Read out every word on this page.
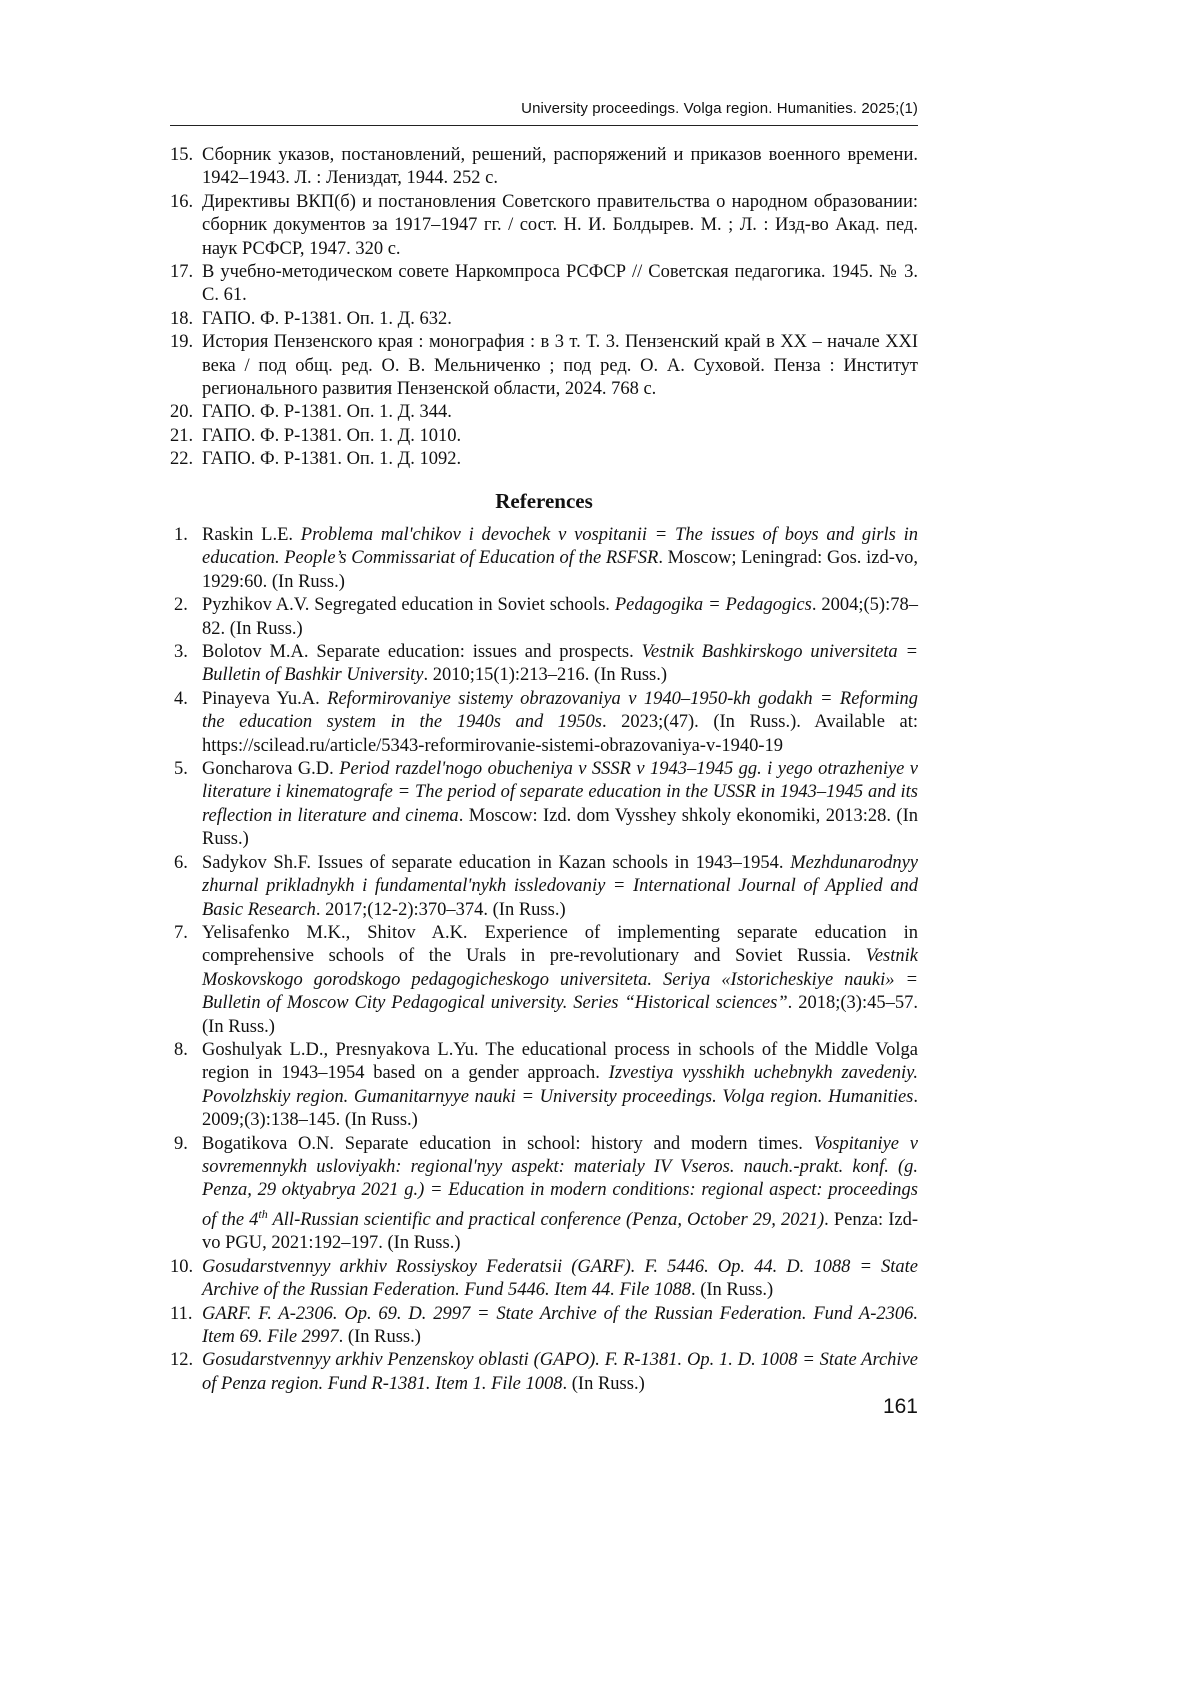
University proceedings. Volga region. Humanities. 2025;(1)
15. Сборник указов, постановлений, решений, распоряжений и приказов военного времени. 1942–1943. Л. : Лениздат, 1944. 252 с.
16. Директивы ВКП(б) и постановления Советского правительства о народном образовании: сборник документов за 1917–1947 гг. / сост. Н. И. Болдырев. М. ; Л. : Изд-во Акад. пед. наук РСФСР, 1947. 320 с.
17. В учебно-методическом совете Наркомпроса РСФСР // Советская педагогика. 1945. № 3. С. 61.
18. ГАПО. Ф. Р-1381. Оп. 1. Д. 632.
19. История Пензенского края : монография : в 3 т. Т. 3. Пензенский край в XX – начале XXI века / под общ. ред. О. В. Мельниченко ; под ред. О. А. Суховой. Пенза : Институт регионального развития Пензенской области, 2024. 768 с.
20. ГАПО. Ф. Р-1381. Оп. 1. Д. 344.
21. ГАПО. Ф. Р-1381. Оп. 1. Д. 1010.
22. ГАПО. Ф. Р-1381. Оп. 1. Д. 1092.
References
1. Raskin L.E. Problema mal'chikov i devochek v vospitanii = The issues of boys and girls in education. People’s Commissariat of Education of the RSFSR. Moscow; Leningrad: Gos. izd-vo, 1929:60. (In Russ.)
2. Pyzhikov A.V. Segregated education in Soviet schools. Pedagogika = Pedagogics. 2004;(5):78–82. (In Russ.)
3. Bolotov M.A. Separate education: issues and prospects. Vestnik Bashkirskogo universiteta = Bulletin of Bashkir University. 2010;15(1):213–216. (In Russ.)
4. Pinayeva Yu.A. Reformirovaniye sistemy obrazovaniya v 1940–1950-kh godakh = Reforming the education system in the 1940s and 1950s. 2023;(47). (In Russ.). Available at: https://scilead.ru/article/5343-reformirovanie-sistemi-obrazovaniya-v-1940-19
5. Goncharova G.D. Period razdel'nogo obucheniya v SSSR v 1943–1945 gg. i yego otrazheniye v literature i kinematografe = The period of separate education in the USSR in 1943–1945 and its reflection in literature and cinema. Moscow: Izd. dom Vysshey shkoly ekonomiki, 2013:28. (In Russ.)
6. Sadykov Sh.F. Issues of separate education in Kazan schools in 1943–1954. Mezhdunarodnyy zhurnal prikladnykh i fundamental'nykh issledovaniy = International Journal of Applied and Basic Research. 2017;(12-2):370–374. (In Russ.)
7. Yelisafenko M.K., Shitov A.K. Experience of implementing separate education in comprehensive schools of the Urals in pre-revolutionary and Soviet Russia. Vestnik Moskovskogo gorodskogo pedagogicheskogo universiteta. Seriya «Istoricheskiye nauki» = Bulletin of Moscow City Pedagogical university. Series “Historical sciences”. 2018;(3):45–57. (In Russ.)
8. Goshulyak L.D., Presnyakova L.Yu. The educational process in schools of the Middle Volga region in 1943–1954 based on a gender approach. Izvestiya vysshikh uchebnykh zavedeniy. Povolzhskiy region. Gumanitarnyye nauki = University proceedings. Volga region. Humanities. 2009;(3):138–145. (In Russ.)
9. Bogatikova O.N. Separate education in school: history and modern times. Vospitaniye v sovremennykh usloviyakh: regional'nyy aspekt: materialy IV Vseros. nauch.-prakt. konf. (g. Penza, 29 oktyabrya 2021 g.) = Education in modern conditions: regional aspect: proceedings of the 4th All-Russian scientific and practical conference (Penza, October 29, 2021). Penza: Izd-vo PGU, 2021:192–197. (In Russ.)
10. Gosudarstvennyy arkhiv Rossiyskoy Federatsii (GARF). F. 5446. Op. 44. D. 1088 = State Archive of the Russian Federation. Fund 5446. Item 44. File 1088. (In Russ.)
11. GARF. F. A-2306. Op. 69. D. 2997 = State Archive of the Russian Federation. Fund A-2306. Item 69. File 2997. (In Russ.)
12. Gosudarstvennyy arkhiv Penzenskoy oblasti (GAPO). F. R-1381. Op. 1. D. 1008 = State Archive of Penza region. Fund R-1381. Item 1. File 1008. (In Russ.)
161
